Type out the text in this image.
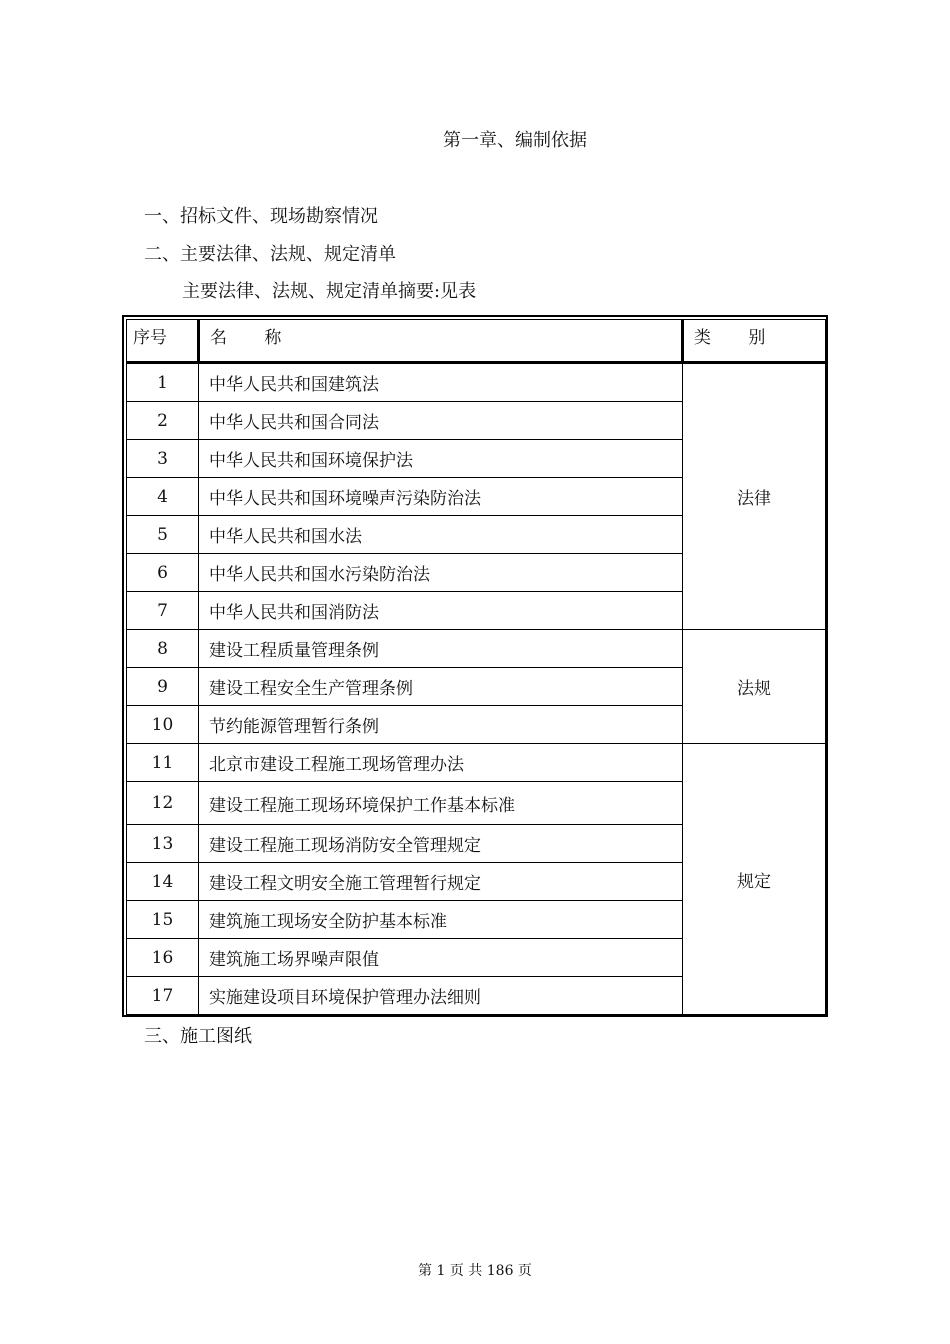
第一章、编制依据
一、招标文件、现场勘察情况
二、主要法律、法规、规定清单
主要法律、法规、规定清单摘要:见表
序号	名 称	类 别
1	中华人民共和国建筑法	法律
2	中华人民共和国合同法	
3	中华人民共和国环境保护法	
4	中华人民共和国环境噪声污染防治法	
5	中华人民共和国水法	
6	中华人民共和国水污染防治法	
7	中华人民共和国消防法	
8	建设工程质量管理条例	法规
9	建设工程安全生产管理条例	
10	节约能源管理暂行条例	
11	北京市建设工程施工现场管理办法	规定
12	建设工程施工现场环境保护工作基本标准	
13	建设工程施工现场消防安全管理规定	
14	建设工程文明安全施工管理暂行规定	
15	建筑施工现场安全防护基本标准	
16	建筑施工场界噪声限值	
17	实施建设项目环境保护管理办法细则	
三、施工图纸
第 1 页 共 186 页
